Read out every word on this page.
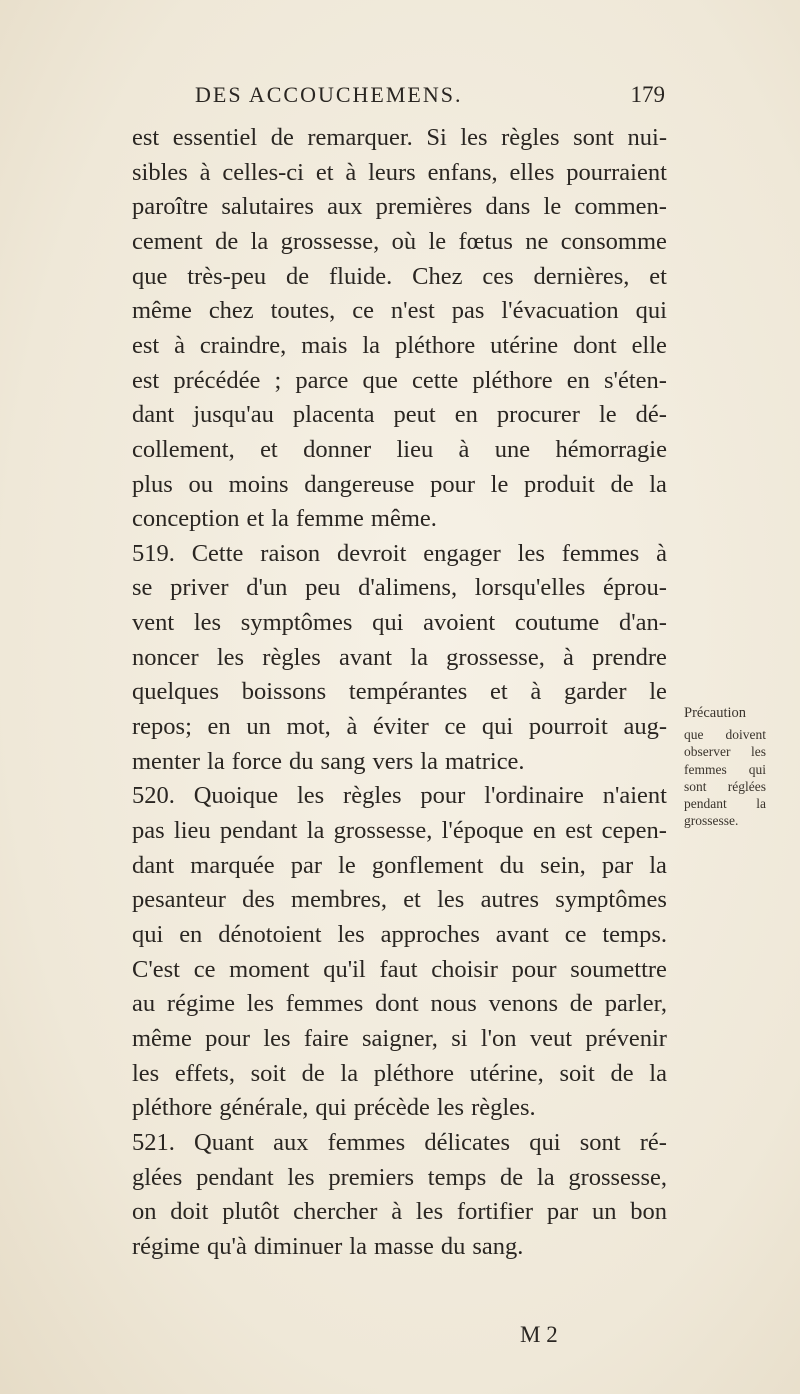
DES ACCOUCHEMENS.	179
est essentiel de remarquer. Si les règles sont nui-
sibles à celles-ci et à leurs enfans, elles pourraient
paroître salutaires aux premières dans le commen-
cement de la grossesse, où le fœtus ne consomme
que très-peu de fluide. Chez ces dernières, et
même chez toutes, ce n'est pas l'évacuation qui
est à craindre, mais la pléthore utérine dont elle
est précédée ; parce que cette pléthore en s'éten-
dant jusqu'au placenta peut en procurer le dé-
collement, et donner lieu à une hémorragie
plus ou moins dangereuse pour le produit de la
conception et la femme même.
519. Cette raison devroit engager les femmes à
se priver d'un peu d'alimens, lorsqu'elles éprou-
vent les symptômes qui avoient coutume d'an-
noncer les règles avant la grossesse, à prendre
quelques boissons tempérantes et à garder le
repos; en un mot, à éviter ce qui pourroit aug-
menter la force du sang vers la matrice.
520. Quoique les règles pour l'ordinaire n'aient
pas lieu pendant la grossesse, l'époque en est cepen-
dant marquée par le gonflement du sein, par la
pesanteur des membres, et les autres symptômes
qui en dénotoient les approches avant ce temps.
C'est ce moment qu'il faut choisir pour soumettre
au régime les femmes dont nous venons de parler,
même pour les faire saigner, si l'on veut prévenir
les effets, soit de la pléthore utérine, soit de la
pléthore générale, qui précède les règles.
521. Quant aux femmes délicates qui sont ré-
glées pendant les premiers temps de la grossesse,
on doit plutôt chercher à les fortifier par un bon
régime qu'à diminuer la masse du sang.
Précaution
que doivent
observer les
femmes qui
sont réglées
pendant la
grossesse.
M 2
